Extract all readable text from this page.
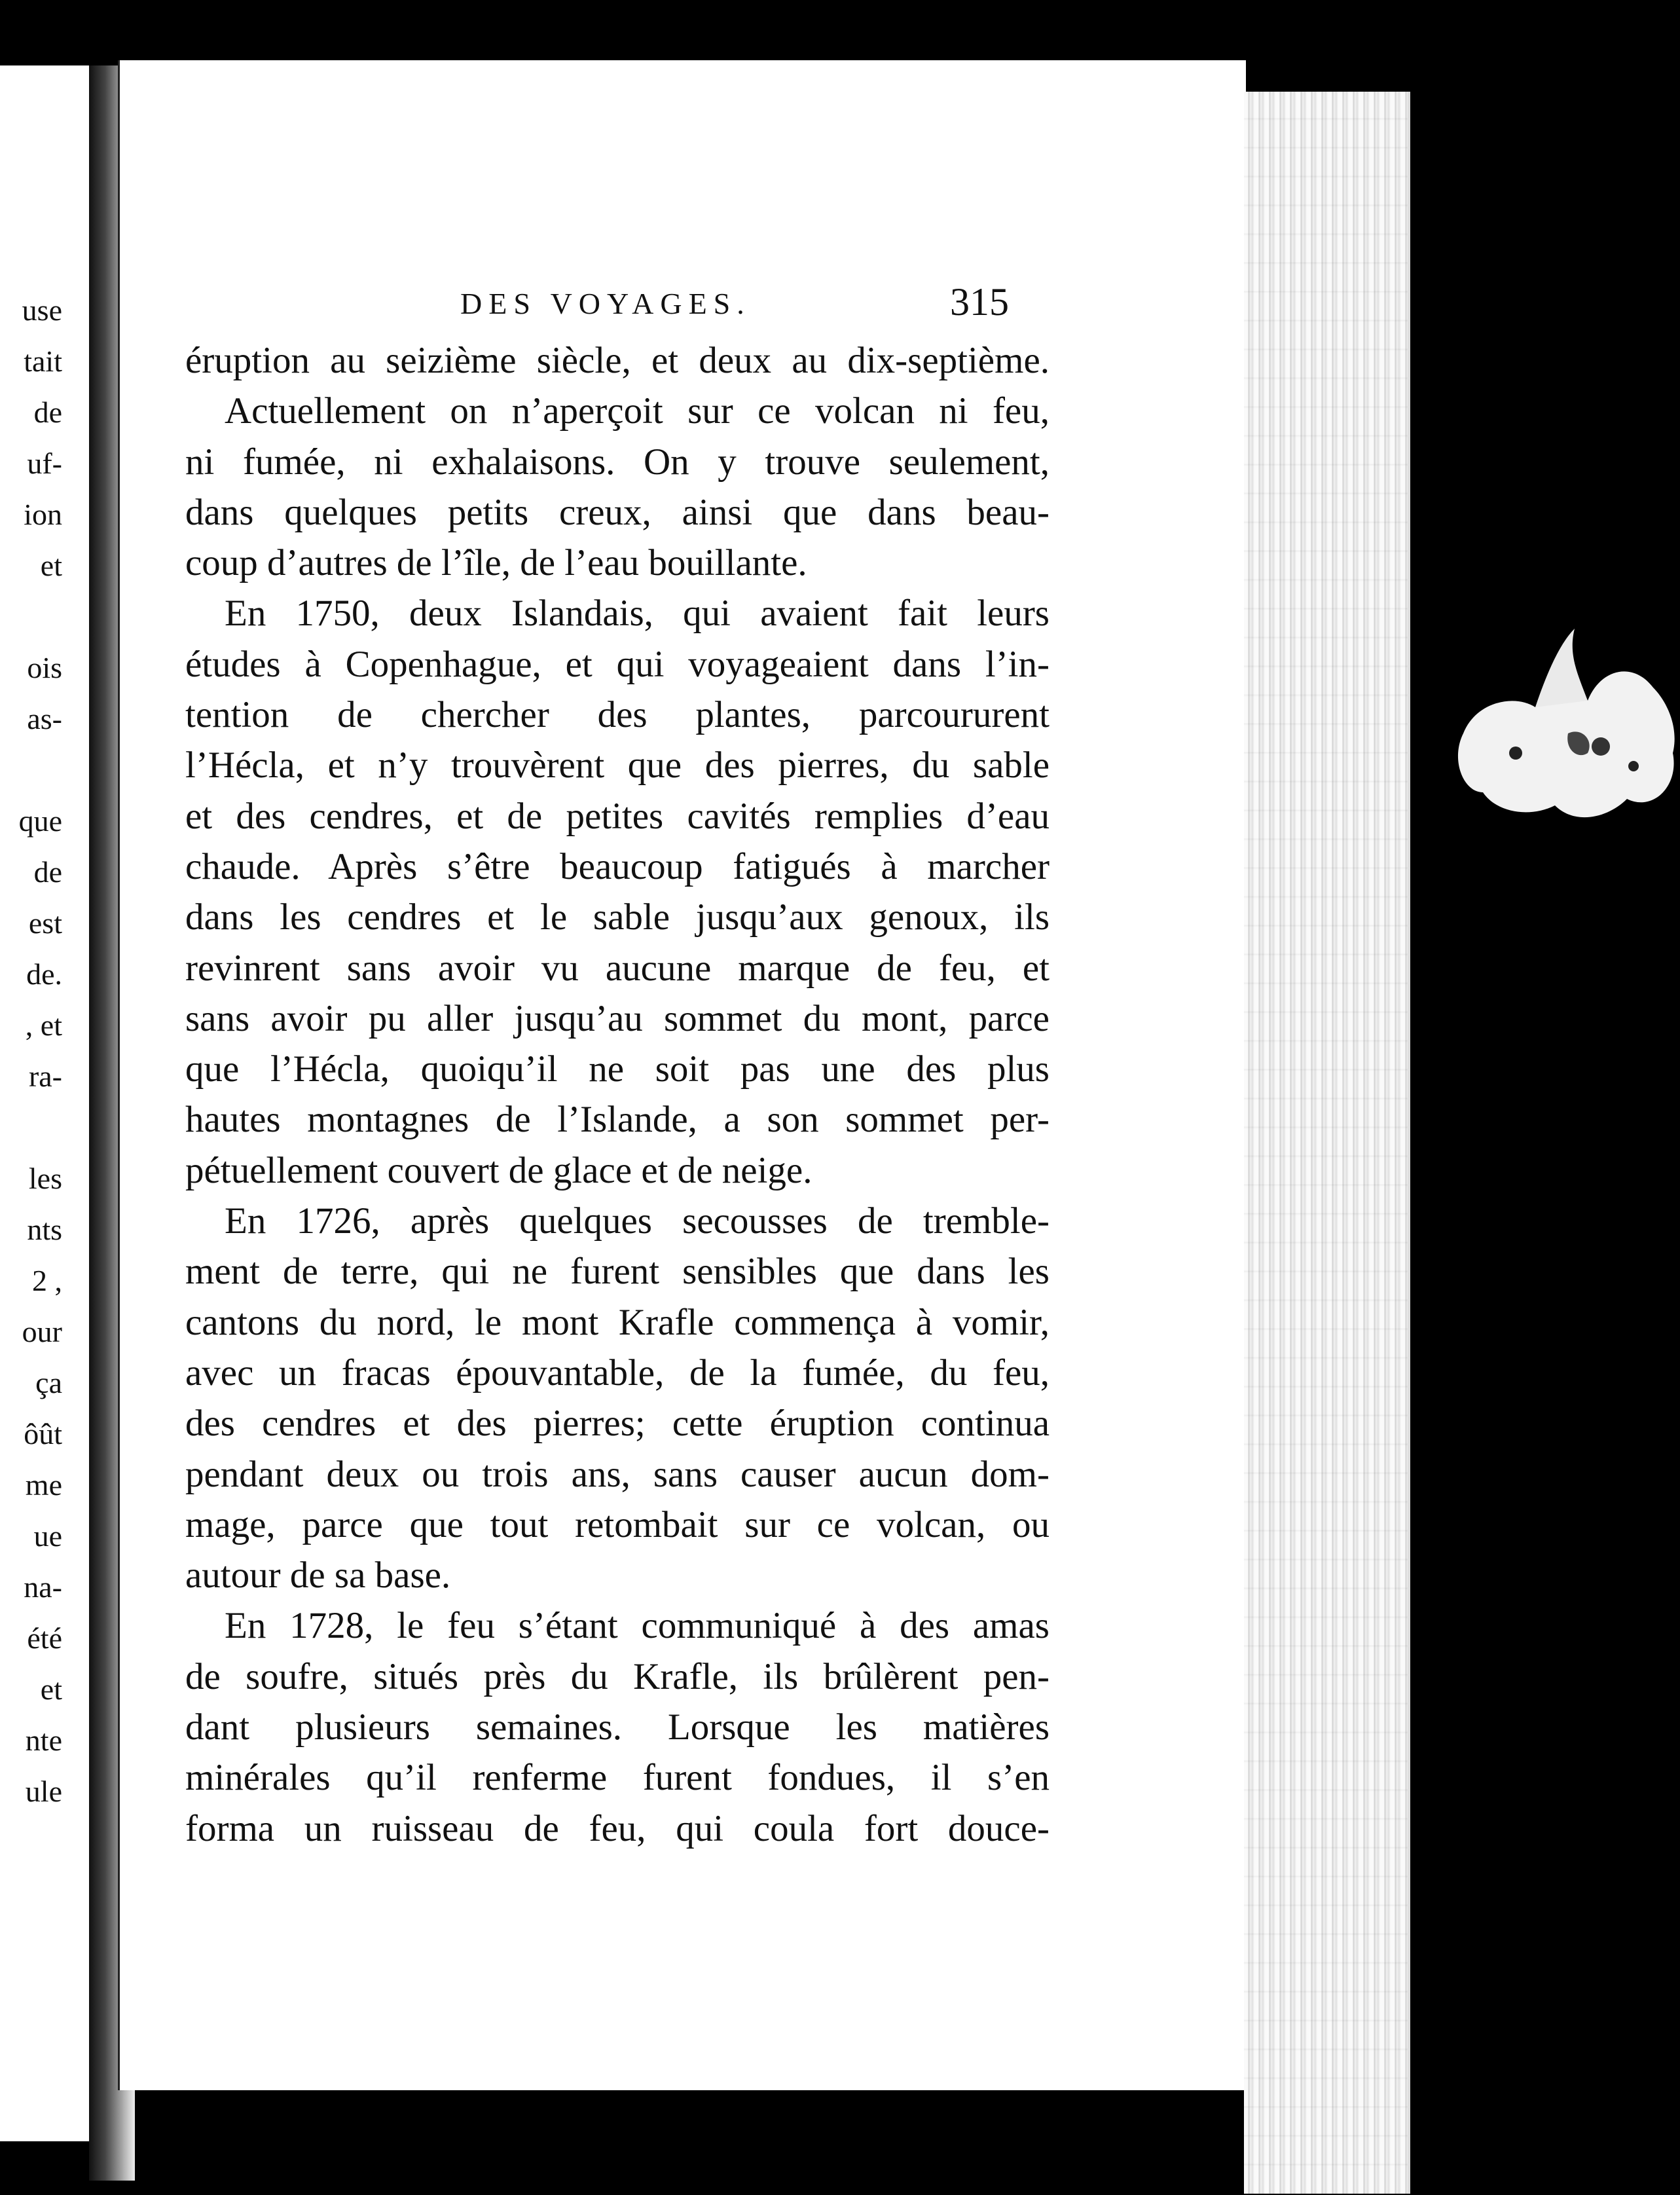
use
tait
de
uf-
ion
et
ois
as-
que
de
est
de.
, et
ra-
les
nts
2 ,
our
ça
ôût
me
ue
na-
été
et
nte
ule
DES VOYAGES.	315
éruption au seizième siècle, et deux au dix-septième.
Actuellement on n’aperçoit sur ce volcan ni feu,
ni fumée, ni exhalaisons. On y trouve seulement,
dans quelques petits creux, ainsi que dans beau-
coup d’autres de l’île, de l’eau bouillante.
En 1750, deux Islandais, qui avaient fait leurs
études à Copenhague, et qui voyageaient dans l’in-
tention de chercher des plantes, parcoururent
l’Hécla, et n’y trouvèrent que des pierres, du sable
et des cendres, et de petites cavités remplies d’eau
chaude. Après s’être beaucoup fatigués à marcher
dans les cendres et le sable jusqu’aux genoux, ils
revinrent sans avoir vu aucune marque de feu, et
sans avoir pu aller jusqu’au sommet du mont, parce
que l’Hécla, quoiqu’il ne soit pas une des plus
hautes montagnes de l’Islande, a son sommet per-
pétuellement couvert de glace et de neige.
En 1726, après quelques secousses de tremble-
ment de terre, qui ne furent sensibles que dans les
cantons du nord, le mont Krafle commença à vomir,
avec un fracas épouvantable, de la fumée, du feu,
des cendres et des pierres; cette éruption continua
pendant deux ou trois ans, sans causer aucun dom-
mage, parce que tout retombait sur ce volcan, ou
autour de sa base.
En 1728, le feu s’étant communiqué à des amas
de soufre, situés près du Krafle, ils brûlèrent pen-
dant plusieurs semaines. Lorsque les matières
minérales qu’il renferme furent fondues, il s’en
forma un ruisseau de feu, qui coula fort douce-
